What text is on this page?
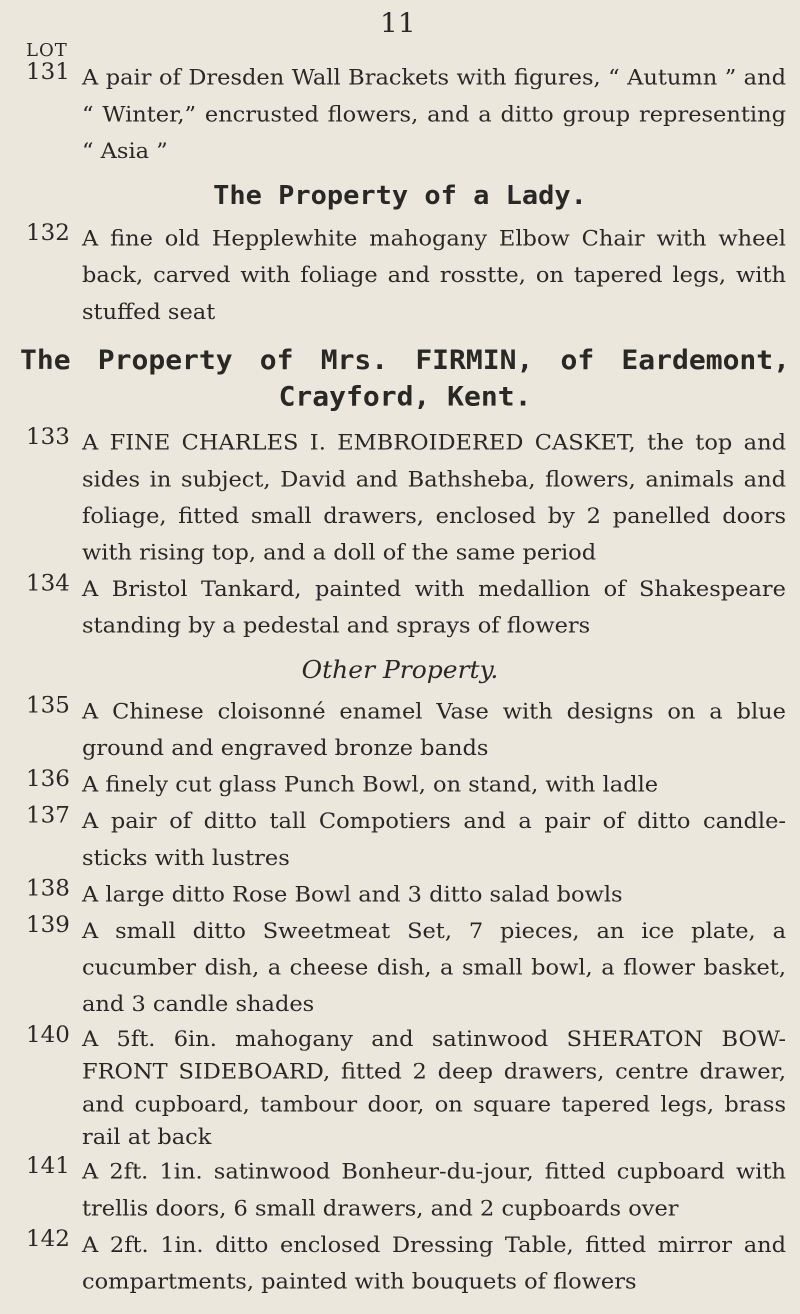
11
LOT
131 A pair of Dresden Wall Brackets with figures, “ Autumn ” and “ Winter,” encrusted flowers, and a ditto group representing “ Asia ”
The Property of a Lady.
132 A fine old Hepplewhite mahogany Elbow Chair with wheel back, carved with foliage and rosstte, on tapered legs, with stuffed seat
The Property of Mrs. FIRMIN, of Eardemont, Crayford, Kent.
133 A FINE CHARLES I. EMBROIDERED CASKET, the top and sides in subject, David and Bathsheba, flowers, animals and foliage, fitted small drawers, enclosed by 2 panelled doors with rising top, and a doll of the same period
134 A Bristol Tankard, painted with medallion of Shakespeare standing by a pedestal and sprays of flowers
Other Property.
135 A Chinese cloisonné enamel Vase with designs on a blue ground and engraved bronze bands
136 A finely cut glass Punch Bowl, on stand, with ladle
137 A pair of ditto tall Compotiers and a pair of ditto candle-sticks with lustres
138 A large ditto Rose Bowl and 3 ditto salad bowls
139 A small ditto Sweetmeat Set, 7 pieces, an ice plate, a cucumber dish, a cheese dish, a small bowl, a flower basket, and 3 candle shades
140 A 5ft. 6in. mahogany and satinwood SHERATON BOW-FRONT SIDEBOARD, fitted 2 deep drawers, centre drawer, and cupboard, tambour door, on square tapered legs, brass rail at back
141 A 2ft. 1in. satinwood Bonheur-du-jour, fitted cupboard with trellis doors, 6 small drawers, and 2 cupboards over
142 A 2ft. 1in. ditto enclosed Dressing Table, fitted mirror and compartments, painted with bouquets of flowers
